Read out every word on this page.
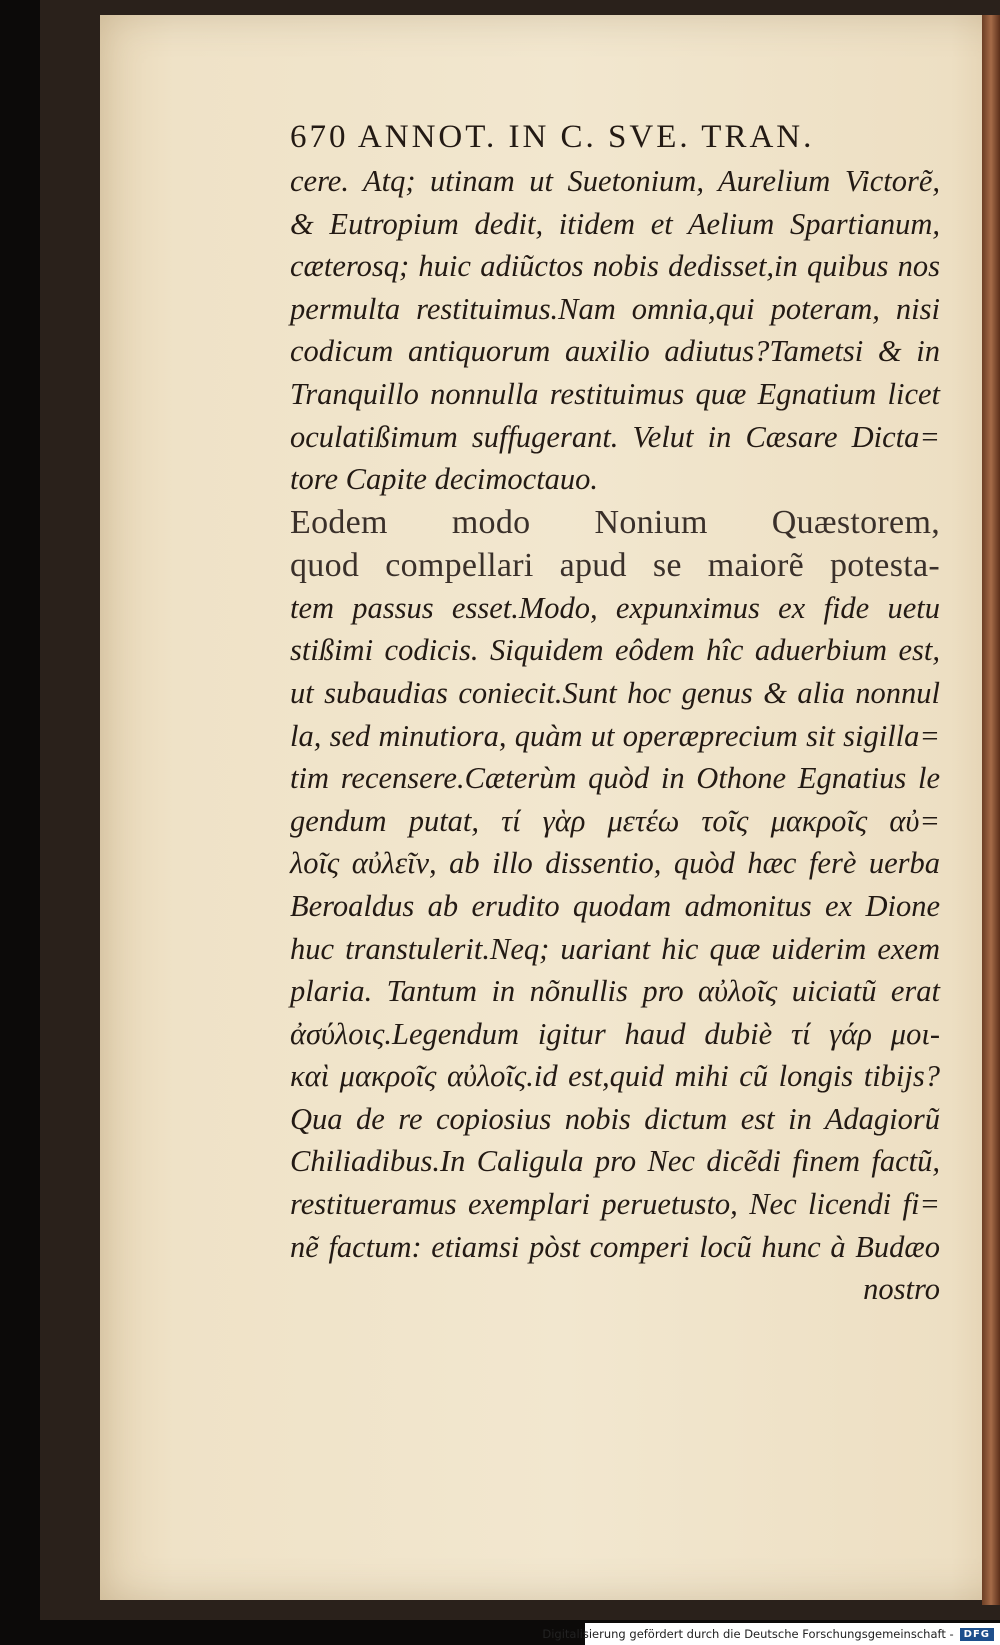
670 ANNOT. IN C. SVE. TRAN.
cere. Atq; utinam ut Suetonium, Aurelium Victorẽ,
& Eutropium dedit, itidem et Aelium Spartianum,
cæterosq; huic adiũctos nobis dedisset,in quibus nos
permulta restituimus.Nam omnia,qui poteram, nisi
codicum antiquorum auxilio adiutus?Tametsi & in
Tranquillo nonnulla restituimus quæ Egnatium licet
oculatißimum suffugerant. Velut in Cæsare Dicta=
tore Capite decimoctauo.
Eodem modo Nonium Quæstorem,
quod compellari apud se maiorẽ potesta-
tem passus esset.Modo, expunximus ex fide uetu
stißimi codicis. Siquidem eôdem hîc aduerbium est,
ut subaudias coniecit.Sunt hoc genus & alia nonnul
la, sed minutiora, quàm ut operæprecium sit sigilla=
tim recensere.Cæterùm quòd in Othone Egnatius le
gendum putat, τί γὰρ μετέω τοῖς μακροῖς αὐ=
λοῖς αὐλεῖν, ab illo dissentio, quòd hæc ferè uerba
Beroaldus ab erudito quodam admonitus ex Dione
huc transtulerit.Neq; uariant hic quæ uiderim exem
plaria. Tantum in nõnullis pro αὐλοῖς uiciatũ erat
ἀσύλοις.Legendum igitur haud dubiè τί γάρ μοι-
καὶ μακροῖς αὐλοῖς.id est,quid mihi cũ longis tibijs?
Qua de re copiosius nobis dictum est in Adagiorũ
Chiliadibus.In Caligula pro Nec dicẽdi finem factũ,
restitueramus exemplari peruetusto, Nec licendi fi=
nẽ factum: etiamsi pòst comperi locũ hunc à Budæo
nostro
Digitalisierung gefördert durch die Deutsche Forschungsgemeinschaft -	DFG
